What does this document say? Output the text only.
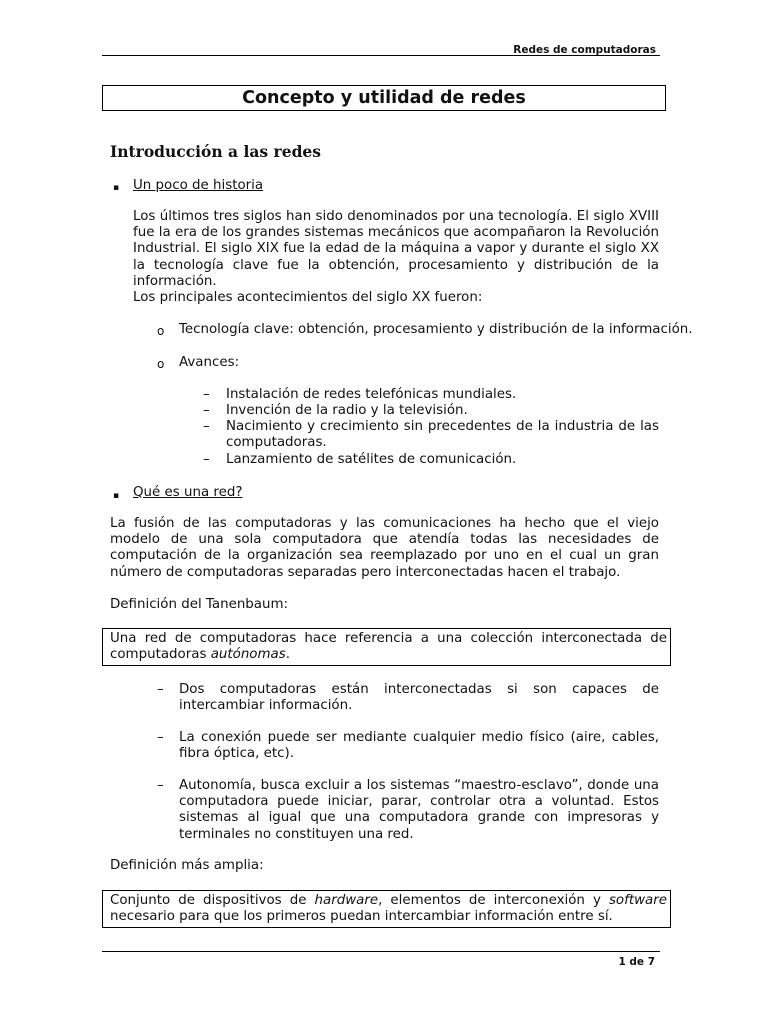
Redes de computadoras
Concepto y utilidad de redes
Introducción a las redes
▪ Un poco de historia
Los últimos tres siglos han sido denominados por una tecnología. El siglo XVIII fue la era de los grandes sistemas mecánicos que acompañaron la Revolución Industrial. El siglo XIX fue la edad de la máquina a vapor y durante el siglo XX la tecnología clave fue la obtención, procesamiento y distribución de la información.
Los principales acontecimientos del siglo XX fueron:
o Tecnología clave: obtención, procesamiento y distribución de la información.
o Avances:
– Instalación de redes telefónicas mundiales.
– Invención de la radio y la televisión.
– Nacimiento y crecimiento sin precedentes de la industria de las computadoras.
– Lanzamiento de satélites de comunicación.
▪ Qué es una red?
La fusión de las computadoras y las comunicaciones ha hecho que el viejo modelo de una sola computadora que atendía todas las necesidades de computación de la organización sea reemplazado por uno en el cual un gran número de computadoras separadas pero interconectadas hacen el trabajo.
Definición del Tanenbaum:
Una red de computadoras hace referencia a una colección interconectada de computadoras autónomas.
– Dos computadoras están interconectadas si son capaces de intercambiar información.
– La conexión puede ser mediante cualquier medio físico (aire, cables, fibra óptica, etc).
– Autonomía, busca excluir a los sistemas “maestro-esclavo”, donde una computadora puede iniciar, parar, controlar otra a voluntad. Estos sistemas al igual que una computadora grande con impresoras y terminales no constituyen una red.
Definición más amplia:
Conjunto de dispositivos de hardware, elementos de interconexión y software necesario para que los primeros puedan intercambiar información entre sí.
1 de 7
